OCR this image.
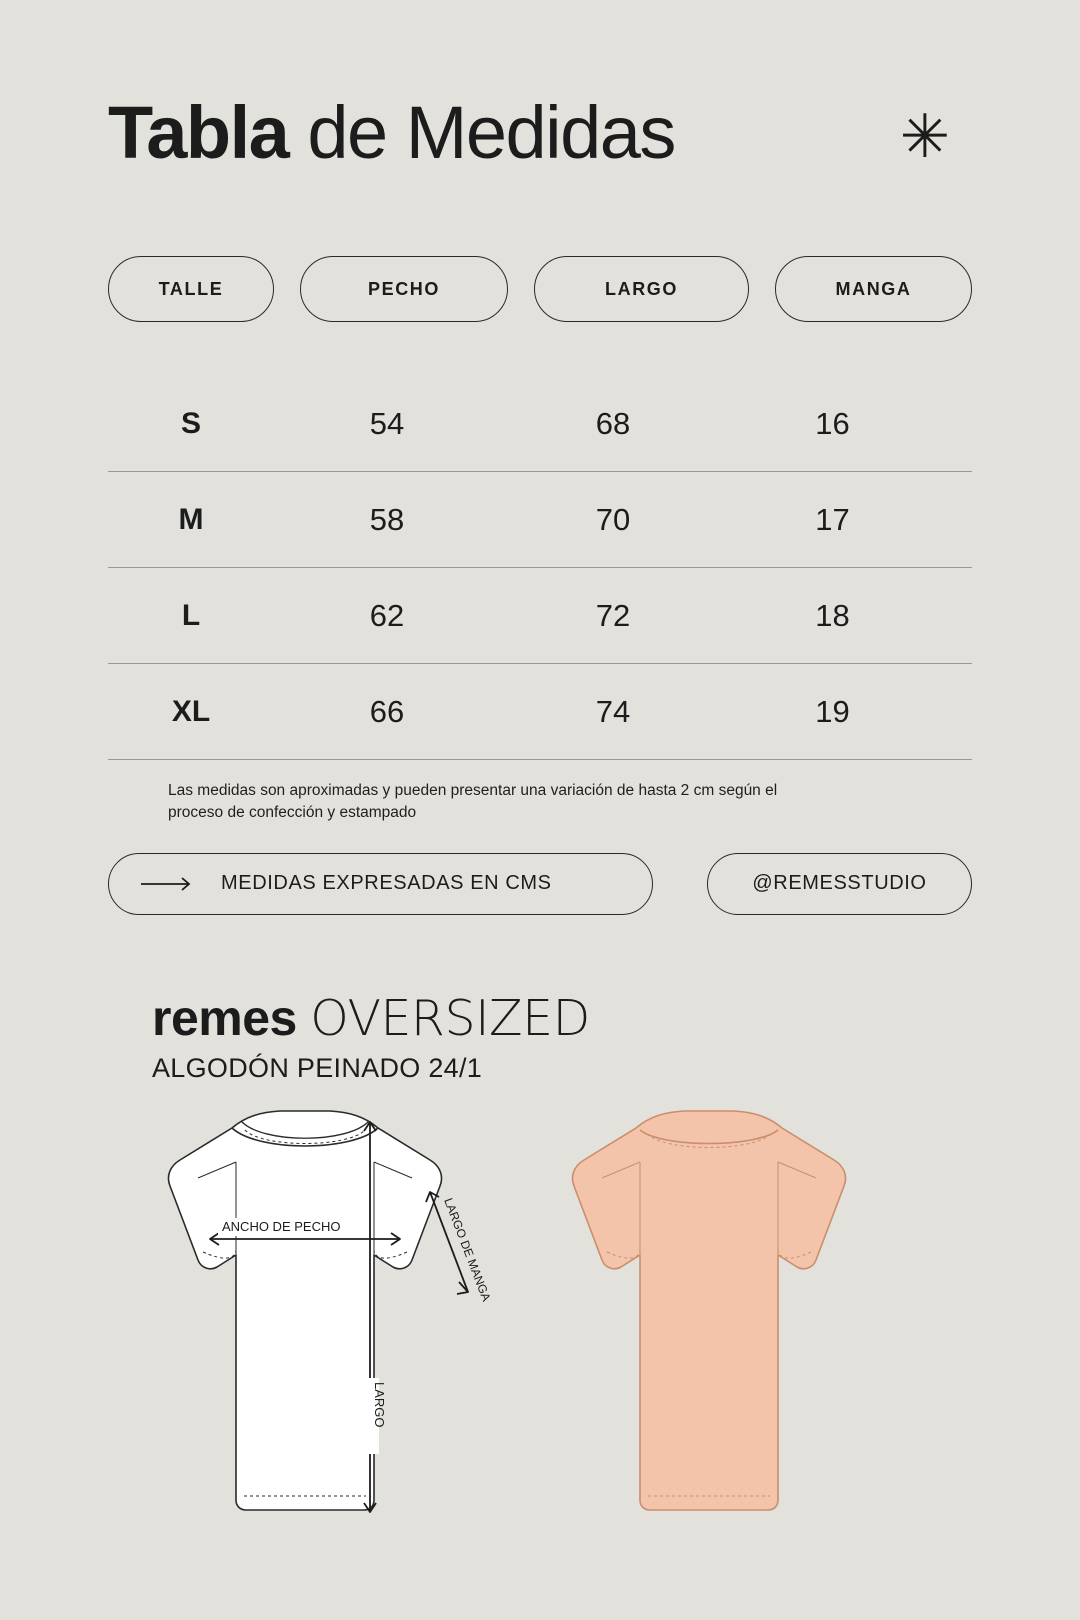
Tabla de Medidas	✳
TALLE	PECHO	LARGO	MANGA
S	54	68	16
M	58	70	17
L	62	72	18
XL	66	74	19
Las medidas son aproximadas y pueden presentar una variación de hasta 2 cm según el proceso de confección y estampado
MEDIDAS EXPRESADAS EN CMS	@REMESSTUDIO
remes OVERSIZED
ALGODÓN PEINADO 24/1
ANCHO DE PECHO
LARGO
LARGO DE MANGA
